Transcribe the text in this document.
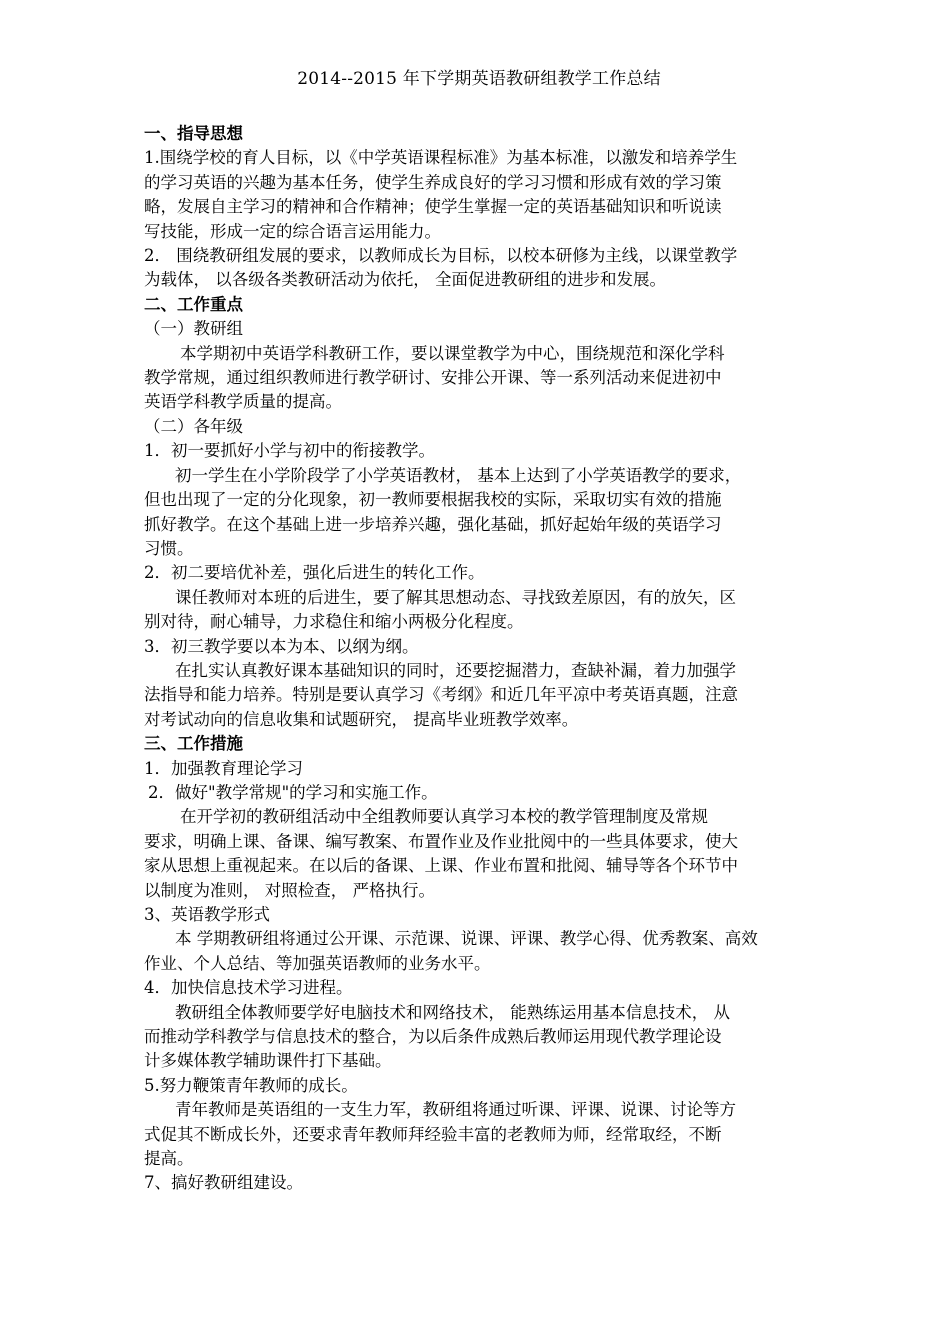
2014--2015 年下学期英语教研组教学工作总结

一、指导思想

1.围绕学校的育人目标，以《中学英语课程标准》为基本标准，以激发和培养学生

的学习英语的兴趣为基本任务，使学生养成良好的学习习惯和形成有效的学习策

略，发展自主学习的精神和合作精神；使学生掌握一定的英语基础知识和听说读

写技能，形成一定的综合语言运用能力。

2． 围绕教研组发展的要求，以教师成长为目标，以校本研修为主线，以课堂教学

为载体， 以各级各类教研活动为依托， 全面促进教研组的进步和发展。

二、工作重点

（一）教研组

本学期初中英语学科教研工作，要以课堂教学为中心，围绕规范和深化学科

教学常规，通过组织教师进行教学研讨、安排公开课、等一系列活动来促进初中

英语学科教学质量的提高。

（二）各年级

1．初一要抓好小学与初中的衔接教学。

初一学生在小学阶段学了小学英语教材， 基本上达到了小学英语教学的要求，

但也出现了一定的分化现象，初一教师要根据我校的实际，采取切实有效的措施

抓好教学。在这个基础上进一步培养兴趣，强化基础，抓好起始年级的英语学习

习惯。

2．初二要培优补差，强化后进生的转化工作。

课任教师对本班的后进生，要了解其思想动态、寻找致差原因，有的放矢，区

别对待，耐心辅导，力求稳住和缩小两极分化程度。

3．初三教学要以本为本、以纲为纲。

在扎实认真教好课本基础知识的同时，还要挖掘潜力，查缺补漏，着力加强学

法指导和能力培养。特别是要认真学习《考纲》和近几年平凉中考英语真题，注意

对考试动向的信息收集和试题研究， 提高毕业班教学效率。

三、工作措施

1．加强教育理论学习

2．做好"教学常规"的学习和实施工作。

在开学初的教研组活动中全组教师要认真学习本校的教学管理制度及常规

要求，明确上课、备课、编写教案、布置作业及作业批阅中的一些具体要求，使大

家从思想上重视起来。在以后的备课、上课、作业布置和批阅、辅导等各个环节中

以制度为准则， 对照检查， 严格执行。

3、英语教学形式

本 学期教研组将通过公开课、示范课、说课、评课、教学心得、优秀教案、高效

作业、个人总结、等加强英语教师的业务水平。

4．加快信息技术学习进程。

教研组全体教师要学好电脑技术和网络技术， 能熟练运用基本信息技术， 从

而推动学科教学与信息技术的整合，为以后条件成熟后教师运用现代教学理论设

计多媒体教学辅助课件打下基础。

5.努力鞭策青年教师的成长。

青年教师是英语组的一支生力军，教研组将通过听课、评课、说课、讨论等方

式促其不断成长外，还要求青年教师拜经验丰富的老教师为师，经常取经，不断

提高。

7、搞好教研组建设。
